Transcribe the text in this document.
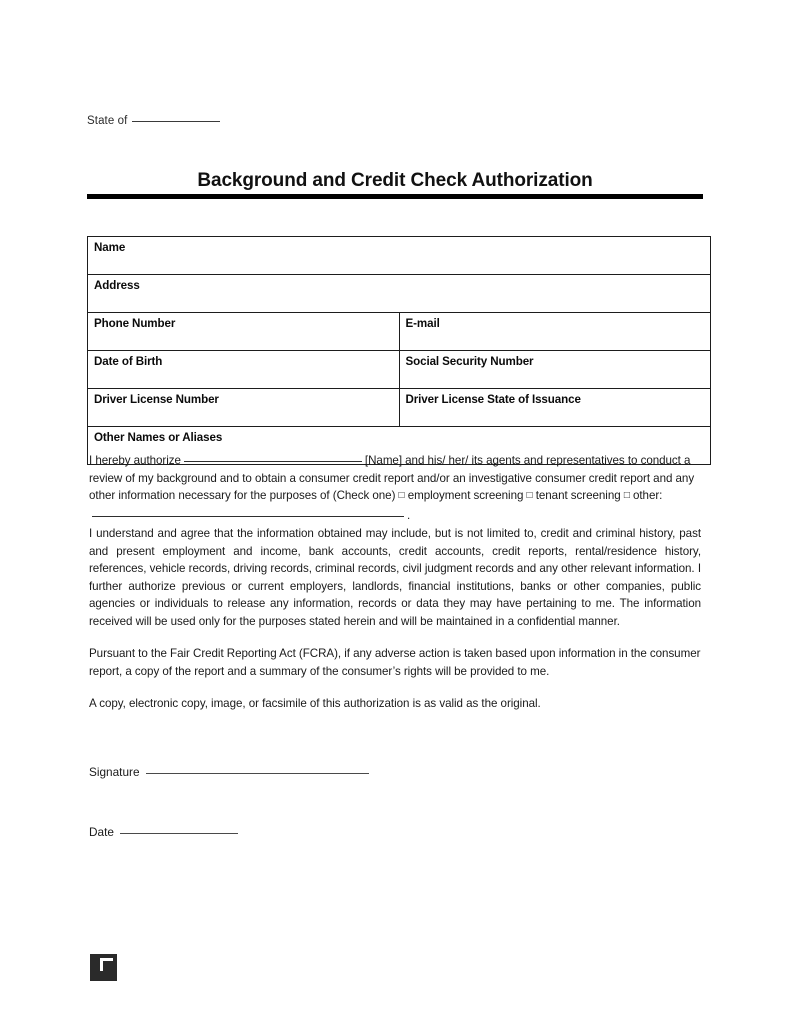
State of
Background and Credit Check Authorization
Name	
Address	
Phone Number	E-mail
Date of Birth	Social Security Number
Driver License Number	Driver License State of Issuance
Other Names or Aliases	
I hereby authorize	[Name] and his/ her/ its agents and representatives to conduct a review of my background and to obtain a consumer credit report and/or an investigative consumer credit report and any other information necessary for the purposes of (Check one) □ employment screening □ tenant screening □ other:.
I understand and agree that the information obtained may include, but is not limited to, credit and criminal history, past and present employment and income, bank accounts, credit accounts, credit reports, rental/residence history, references, vehicle records, driving records, criminal records, civil judgment records and any other relevant information. I further authorize previous or current employers, landlords, financial institutions, banks or other companies, public agencies or individuals to release any information, records or data they may have pertaining to me. The information received will be used only for the purposes stated herein and will be maintained in a confidential manner.
Pursuant to the Fair Credit Reporting Act (FCRA), if any adverse action is taken based upon information in the consumer report, a copy of the report and a summary of the consumer’s rights will be provided to me.
A copy, electronic copy, image, or facsimile of this authorization is as valid as the original.
Signature
Date
